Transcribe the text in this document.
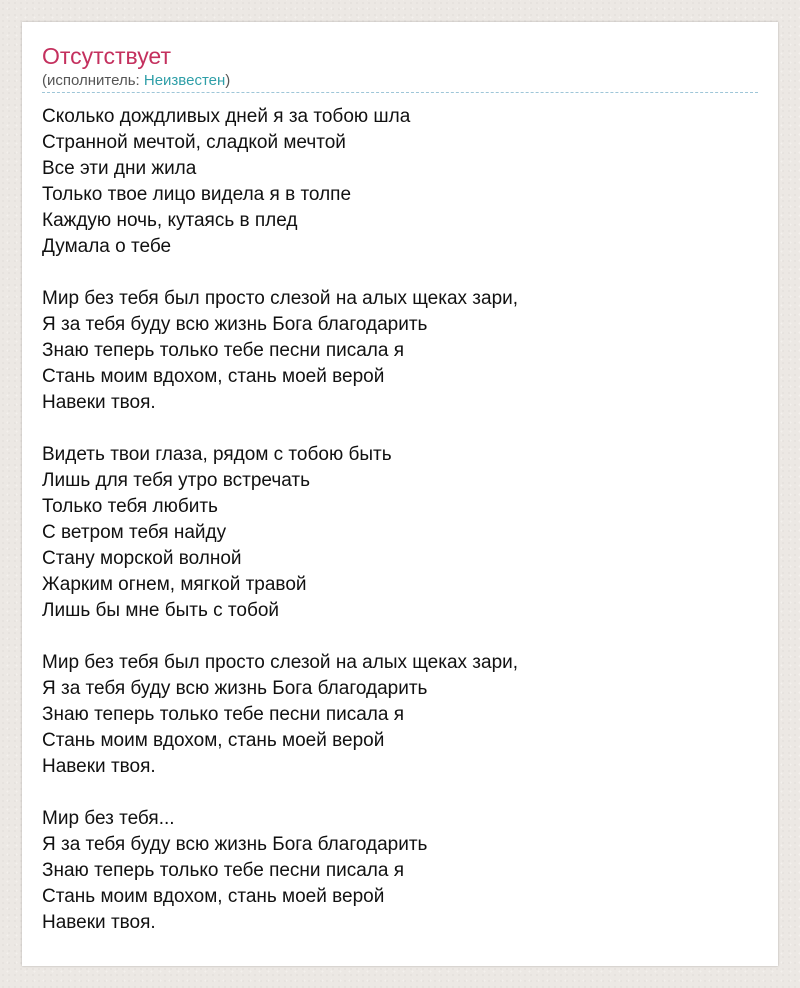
Отсутствует
(исполнитель: Неизвестен)
Сколько дождливых дней я за тобою шла
Странной мечтой, сладкой мечтой
Все эти дни жила
Только твое лицо видела я в толпе
Каждую ночь, кутаясь в плед
Думала о тебе
Мир без тебя был просто слезой на алых щеках зари,
Я за тебя буду всю жизнь Бога благодарить
Знаю теперь только тебе песни писала я
Стань моим вдохом, стань моей верой
Навеки твоя.
Видеть твои глаза, рядом с тобою быть
Лишь для тебя утро встречать
Только тебя любить
С ветром тебя найду
Стану морской волной
Жарким огнем, мягкой травой
Лишь бы мне быть с тобой
Мир без тебя был просто слезой на алых щеках зари,
Я за тебя буду всю жизнь Бога благодарить
Знаю теперь только тебе песни писала я
Стань моим вдохом, стань моей верой
Навеки твоя.
Мир без тебя...
Я за тебя буду всю жизнь Бога благодарить
Знаю теперь только тебе песни писала я
Стань моим вдохом, стань моей верой
Навеки твоя.
